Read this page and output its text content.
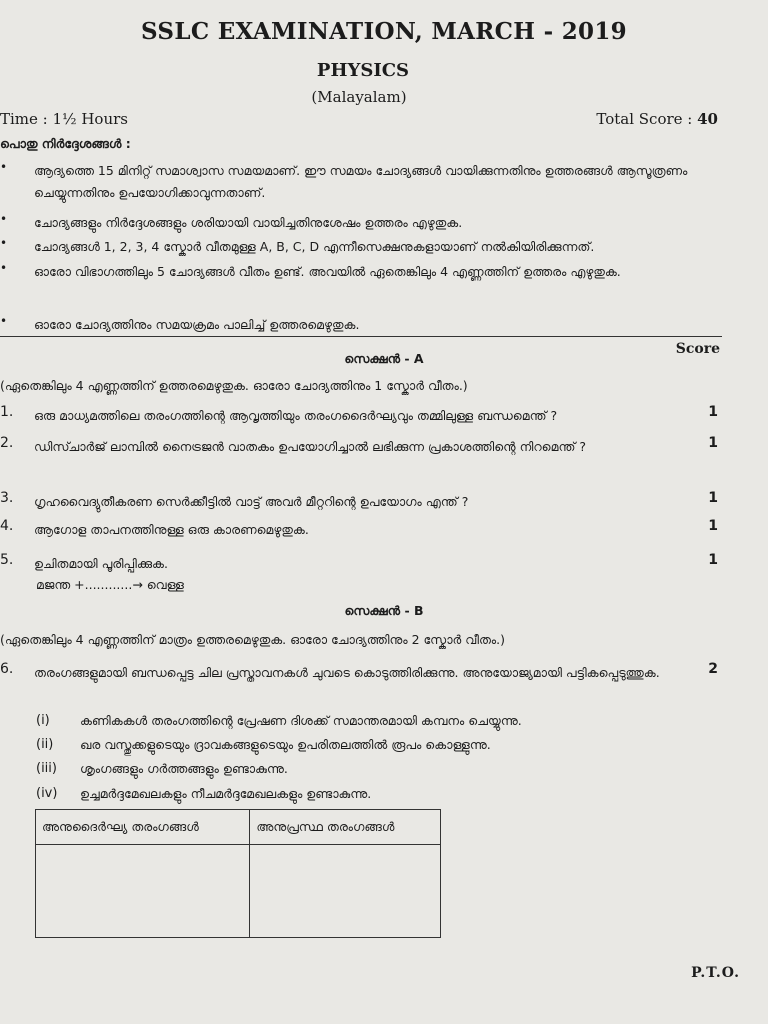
SSLC EXAMINATION, MARCH - 2019
PHYSICS
(Malayalam)
Time : 1½ Hours	Total Score : 40
പൊതു നിർദ്ദേശങ്ങൾ :
• ആദ്യത്തെ 15 മിനിറ്റ് സമാശ്വാസ സമയമാണ്. ഈ സമയം ചോദ്യങ്ങൾ വായിക്കുന്നതിനും ഉത്തരങ്ങൾ ആസൂത്രണം ചെയ്യുന്നതിനും ഉപയോഗിക്കാവുന്നതാണ്.
• ചോദ്യങ്ങളും നിർദ്ദേശങ്ങളും ശരിയായി വായിച്ചതിനുശേഷം ഉത്തരം എഴുതുക.
• ചോദ്യങ്ങൾ 1, 2, 3, 4 സ്കോർ വീതമുള്ള A, B, C, D എന്നീസെക്ഷനുകളായാണ് നൽകിയിരിക്കുന്നത്.
• ഓരോ വിഭാഗത്തിലും 5 ചോദ്യങ്ങൾ വീതം ഉണ്ട്. അവയിൽ ഏതെങ്കിലും 4 എണ്ണത്തിന് ഉത്തരം എഴുതുക.
• ഓരോ ചോദ്യത്തിനും സമയക്രമം പാലിച്ച് ഉത്തരമെഴുതുക.
Score
സെക്ഷൻ - A
(ഏതെങ്കിലും 4 എണ്ണത്തിന് ഉത്തരമെഴുതുക. ഓരോ ചോദ്യത്തിനും 1 സ്കോർ വീതം.)
1. ഒരു മാധ്യമത്തിലെ തരംഗത്തിന്റെ ആവൃത്തിയും തരംഗദൈർഘ്യവും തമ്മിലുള്ള ബന്ധമെന്ത് ?	1
2. ഡിസ്ചാർജ് ലാമ്പിൽ നൈട്രജൻ വാതകം ഉപയോഗിച്ചാൽ ലഭിക്കുന്ന പ്രകാശത്തിന്റെ നിറമെന്ത് ?	1
3. ഗൃഹവൈദ്യുതീകരണ സെർക്കീട്ടിൽ വാട്ട് അവർ മീറ്ററിന്റെ ഉപയോഗം എന്ത് ?	1
4. ആഗോള താപനത്തിനുള്ള ഒരു കാരണമെഴുതുക.	1
5. ഉചിതമായി പൂരിപ്പിക്കുക.	1
മജന്ത +............→ വെള്ള
സെക്ഷൻ - B
(ഏതെങ്കിലും 4 എണ്ണത്തിന് മാത്രം ഉത്തരമെഴുതുക. ഓരോ ചോദ്യത്തിനും 2 സ്കോർ വീതം.)
6. തരംഗങ്ങളുമായി ബന്ധപ്പെട്ട ചില പ്രസ്താവനകൾ ചുവടെ കൊടുത്തിരിക്കുന്നു. അനുയോജ്യമായി പട്ടികപ്പെടുത്തുക.	2
(i) കണികകൾ തരംഗത്തിന്റെ പ്രേഷണ ദിശക്ക് സമാന്തരമായി കമ്പനം ചെയ്യുന്നു.
(ii) ഖര വസ്തുക്കളുടെയും ദ്രാവകങ്ങളുടെയും ഉപരിതലത്തിൽ രൂപം കൊള്ളുന്നു.
(iii) ശൃംഗങ്ങളും ഗർത്തങ്ങളും ഉണ്ടാകുന്നു.
(iv) ഉച്ചമർദ്ദമേഖലകളും നീചമർദ്ദമേഖലകളും ഉണ്ടാകുന്നു.
അനുദൈർഘ്യ തരംഗങ്ങൾ	അനുപ്രസ്ഥ തരംഗങ്ങൾ

P.T.O.
